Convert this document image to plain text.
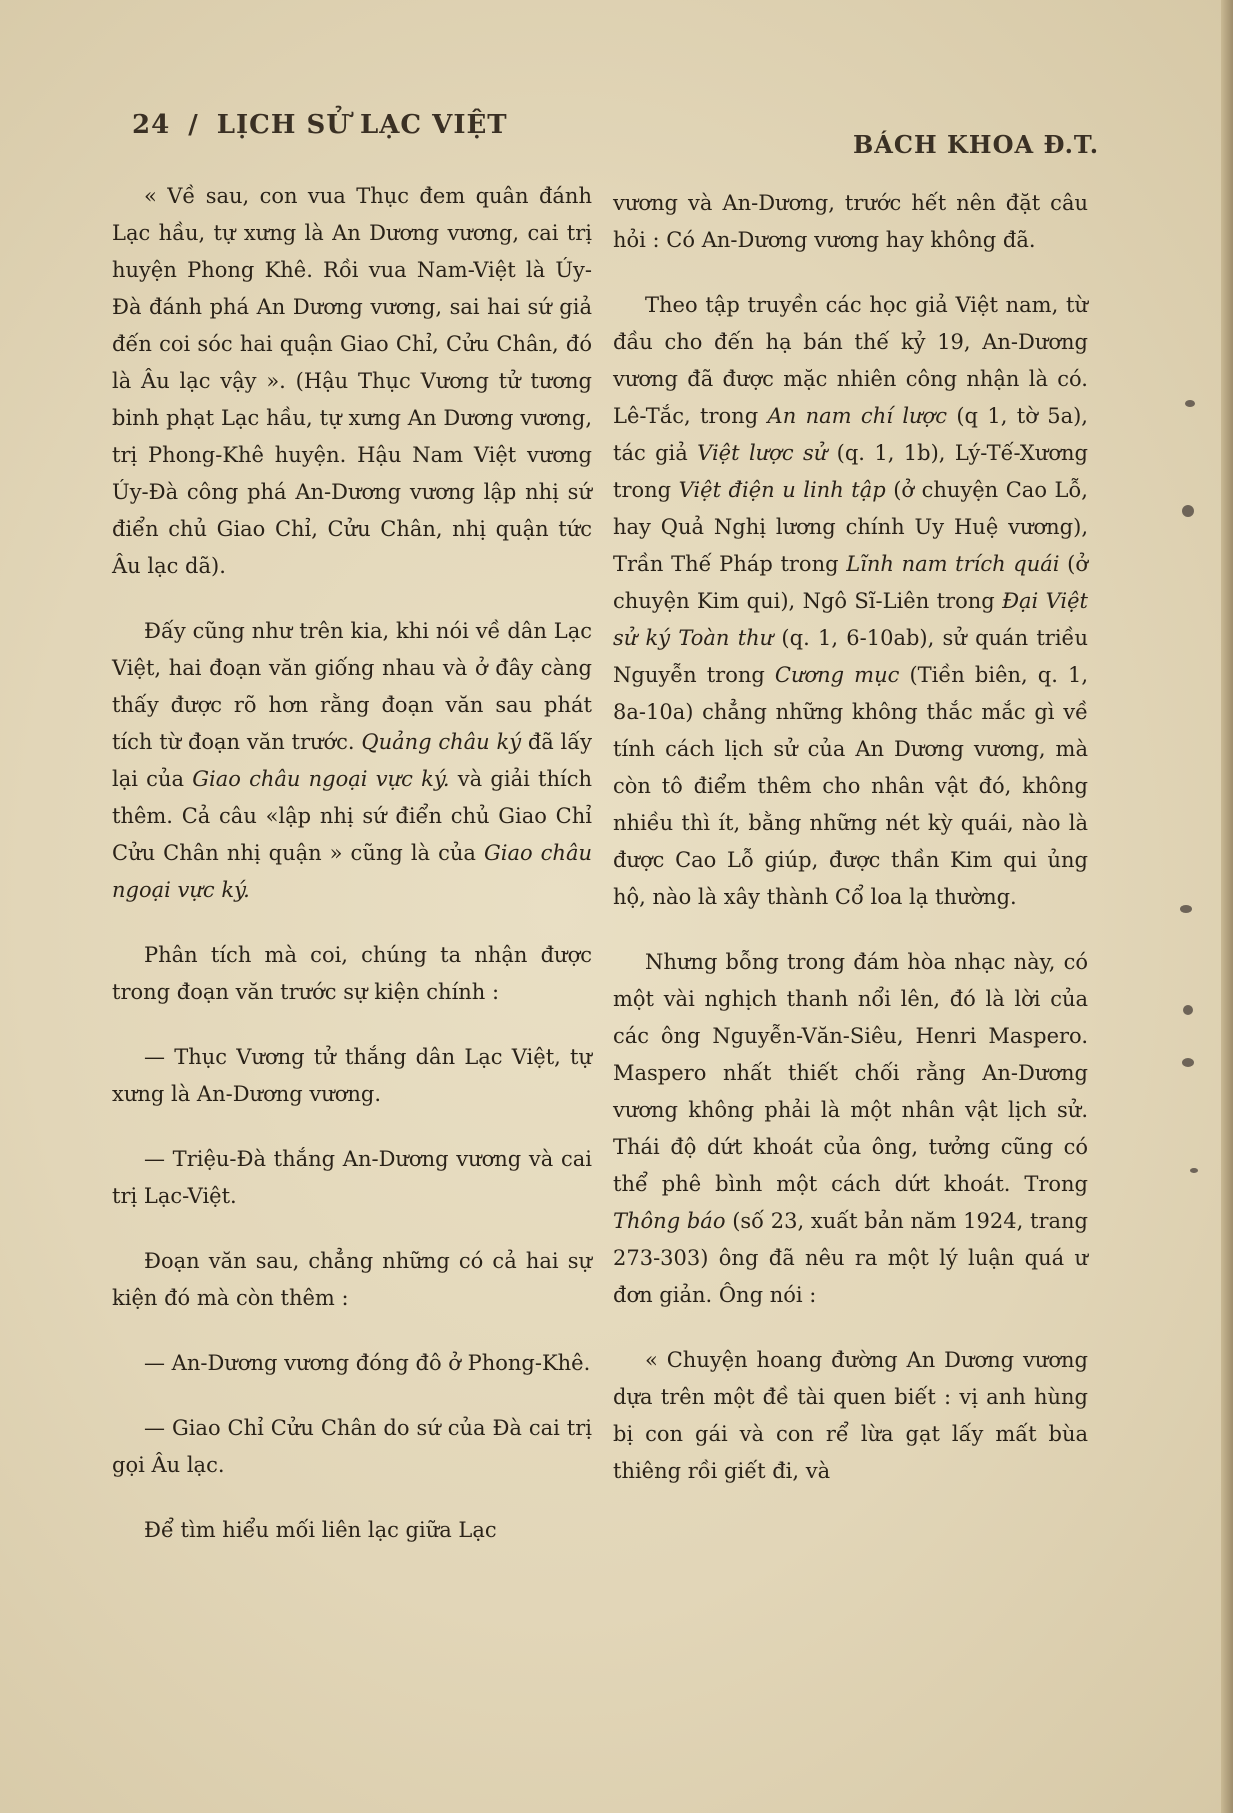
24 / LỊCH SỬ LẠC VIỆT
BÁCH KHOA Đ.T.

« Về sau, con vua Thục đem quân đánh Lạc hầu, tự xưng là An Dương vương, cai trị huyện Phong Khê. Rồi vua Nam-Việt là Úy-Đà đánh phá An Dương vương, sai hai sứ giả đến coi sóc hai quận Giao Chỉ, Cửu Chân, đó là Âu lạc vậy ». (Hậu Thục Vương tử tương binh phạt Lạc hầu, tự xưng An Dương vương, trị Phong-Khê huyện. Hậu Nam Việt vương Úy-Đà công phá An-Dương vương lập nhị sứ điển chủ Giao Chỉ, Cửu Chân, nhị quận tức Âu lạc dã).

Đấy cũng như trên kia, khi nói về dân Lạc Việt, hai đoạn văn giống nhau và ở đây càng thấy được rõ hơn rằng đoạn văn sau phát tích từ đoạn văn trước. Quảng châu ký đã lấy lại của Giao châu ngoại vực ký. và giải thích thêm. Cả câu «lập nhị sứ điển chủ Giao Chỉ Cửu Chân nhị quận » cũng là của Giao châu ngoại vực ký.

Phân tích mà coi, chúng ta nhận được trong đoạn văn trước sự kiện chính :

— Thục Vương tử thắng dân Lạc Việt, tự xưng là An-Dương vương.

— Triệu-Đà thắng An-Dương vương và cai trị Lạc-Việt.

Đoạn văn sau, chẳng những có cả hai sự kiện đó mà còn thêm :

— An-Dương vương đóng đô ở Phong-Khê.

— Giao Chỉ Cửu Chân do sứ của Đà cai trị gọi Âu lạc.

Để tìm hiểu mối liên lạc giữa Lạc

vương và An-Dương, trước hết nên đặt câu hỏi : Có An-Dương vương hay không đã.

Theo tập truyền các học giả Việt nam, từ đầu cho đến hạ bán thế kỷ 19, An-Dương vương đã được mặc nhiên công nhận là có. Lê-Tắc, trong An nam chí lược (q 1, tờ 5a), tác giả Việt lược sử (q. 1, 1b), Lý-Tế-Xương trong Việt điện u linh tập (ở chuyện Cao Lỗ, hay Quả Nghị lương chính Uy Huệ vương), Trần Thế Pháp trong Lĩnh nam trích quái (ở chuyện Kim qui), Ngô Sĩ-Liên trong Đại Việt sử ký Toàn thư (q. 1, 6-10ab), sử quán triều Nguyễn trong Cương mục (Tiền biên, q. 1, 8a-10a) chẳng những không thắc mắc gì về tính cách lịch sử của An Dương vương, mà còn tô điểm thêm cho nhân vật đó, không nhiều thì ít, bằng những nét kỳ quái, nào là được Cao Lỗ giúp, được thần Kim qui ủng hộ, nào là xây thành Cổ loa lạ thường.

Nhưng bỗng trong đám hòa nhạc này, có một vài nghịch thanh nổi lên, đó là lời của các ông Nguyễn-Văn-Siêu, Henri Maspero. Maspero nhất thiết chối rằng An-Dương vương không phải là một nhân vật lịch sử. Thái độ dứt khoát của ông, tưởng cũng có thể phê bình một cách dứt khoát. Trong Thông báo (số 23, xuất bản năm 1924, trang 273-303) ông đã nêu ra một lý luận quá ư đơn giản. Ông nói :

« Chuyện hoang đường An Dương vương dựa trên một đề tài quen biết : vị anh hùng bị con gái và con rể lừa gạt lấy mất bùa thiêng rồi giết đi, và
